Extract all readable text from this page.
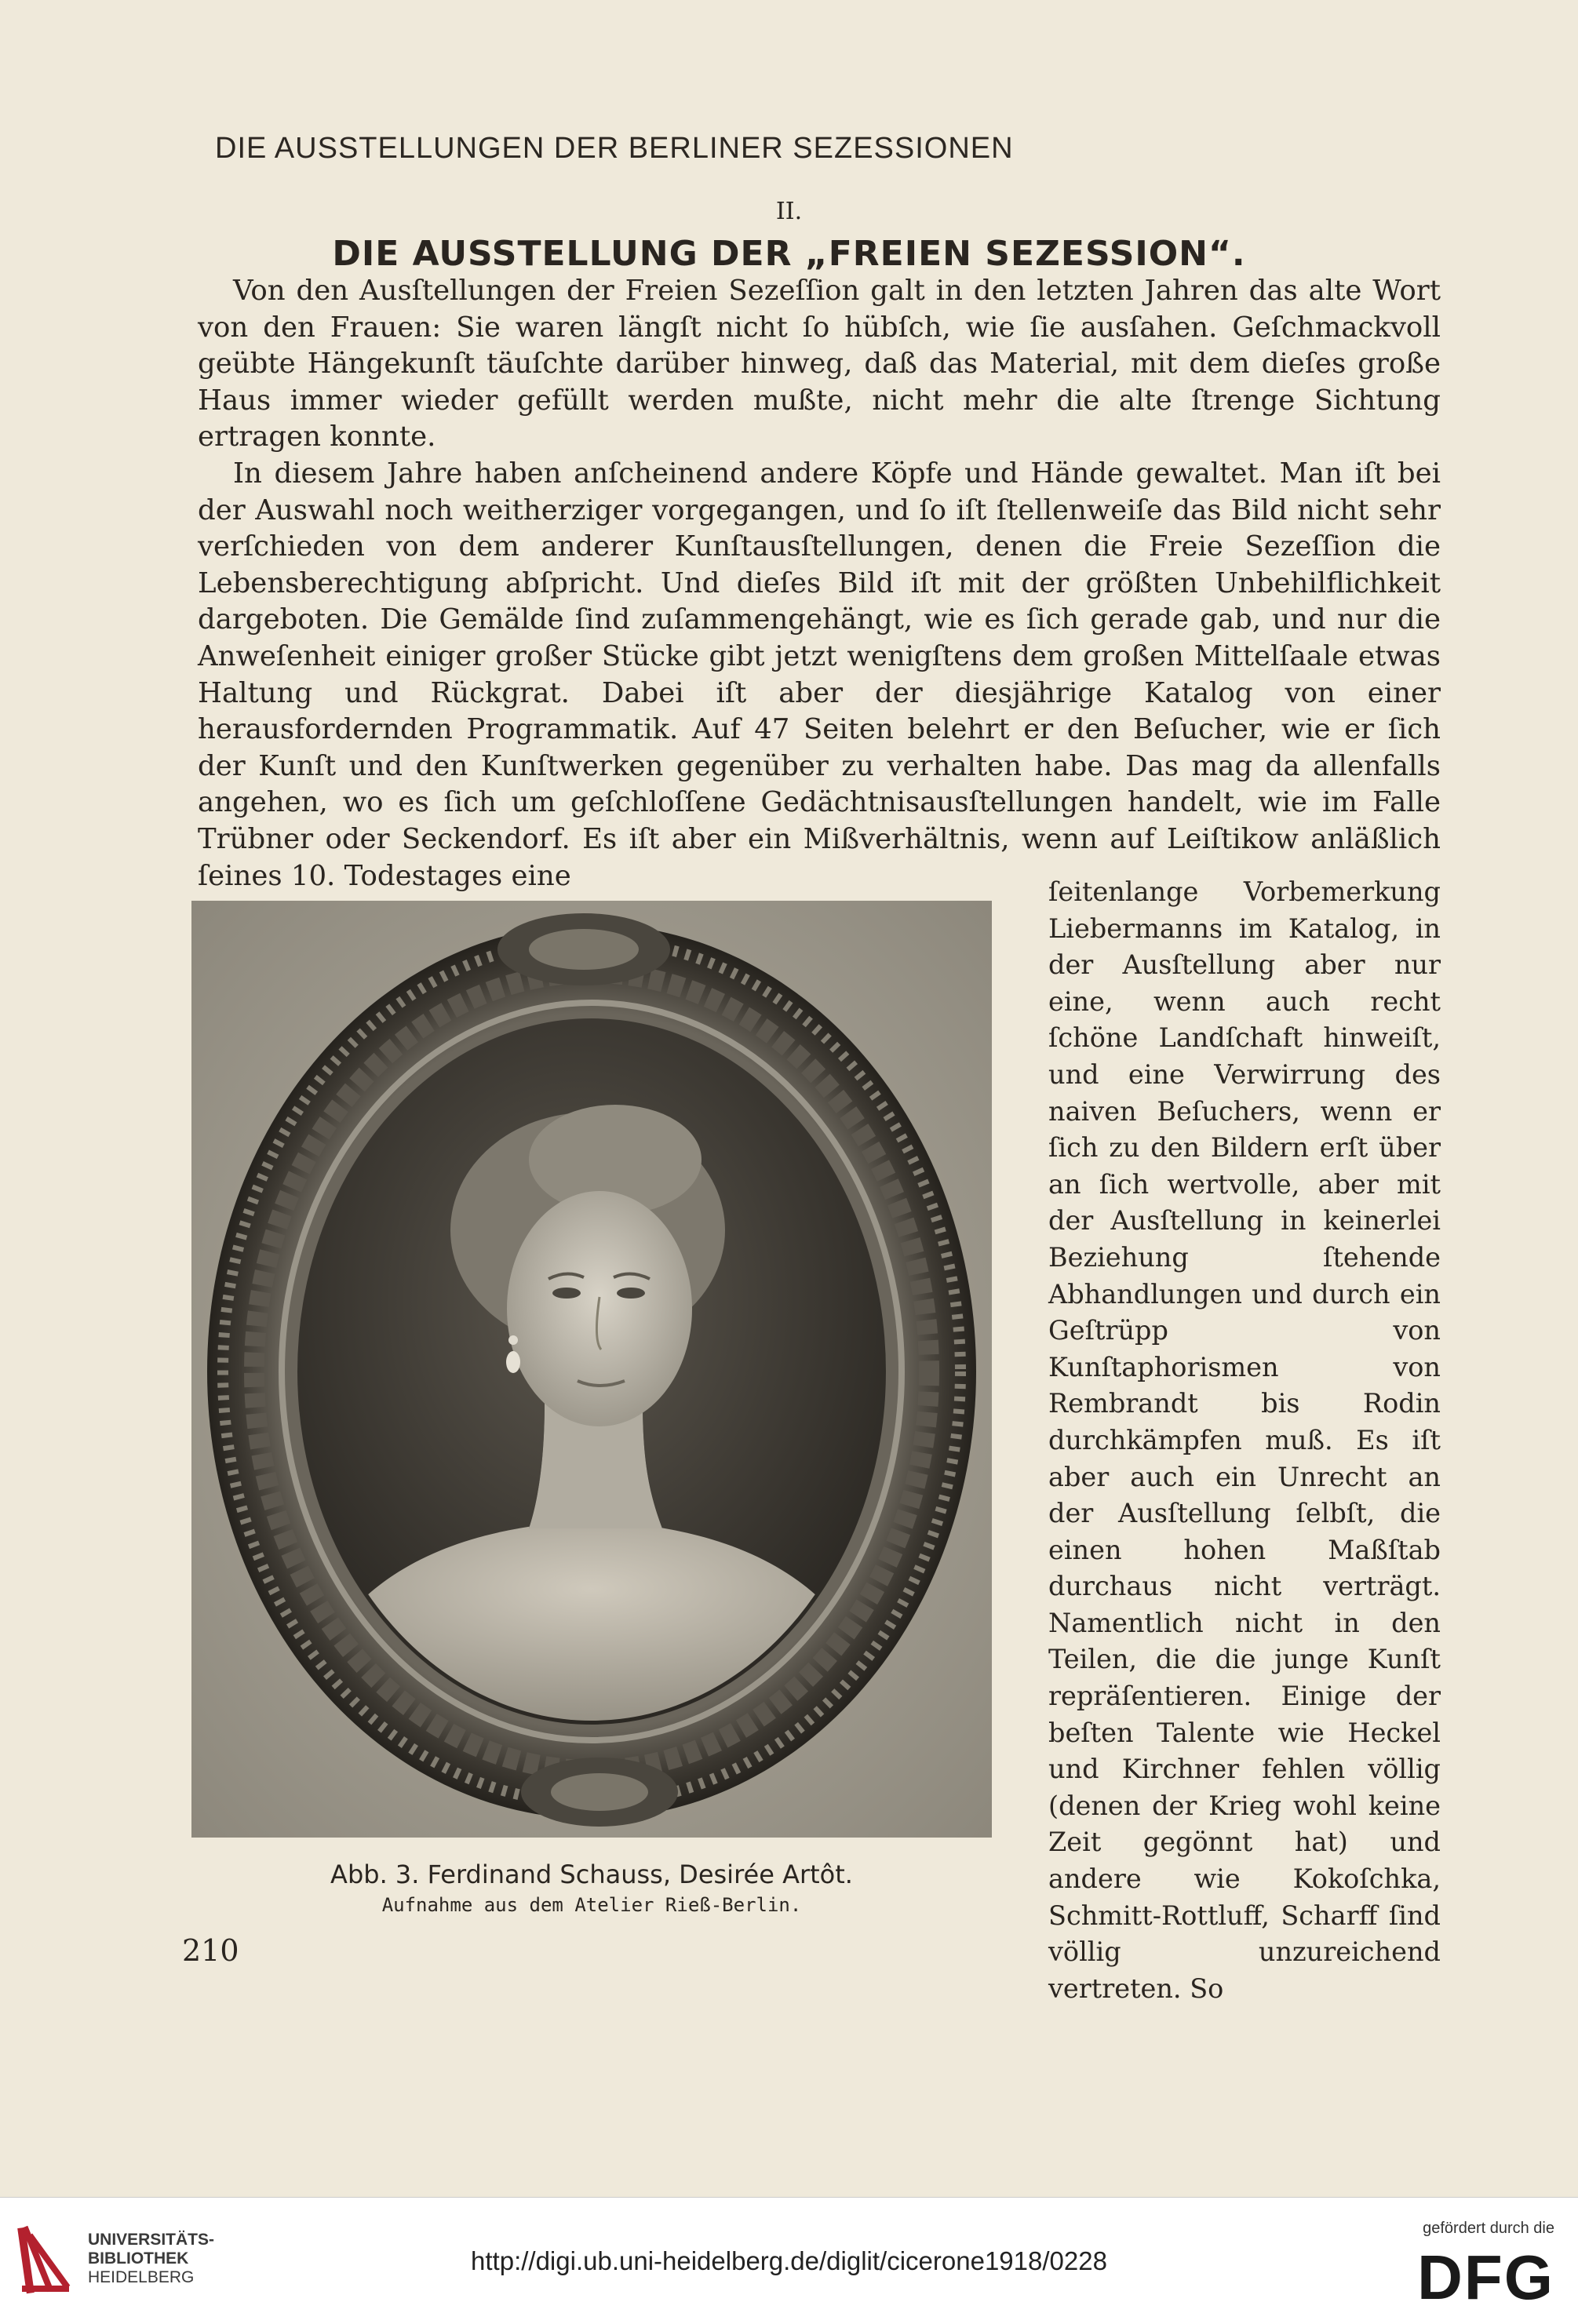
DIE AUSSTELLUNGEN DER BERLINER SEZESSIONEN
II.
DIE AUSSTELLUNG DER „FREIEN SEZESSION“.

Von den Ausſtellungen der Freien Sezeſſion galt in den letzten Jahren das alte Wort von den Frauen: Sie waren längſt nicht ſo hübſch, wie ſie ausſahen. Geſchmackvoll geübte Hängekunſt täuſchte darüber hinweg, daß das Material, mit dem dieſes große Haus immer wieder gefüllt werden mußte, nicht mehr die alte ſtrenge Sichtung ertragen konnte.

In diesem Jahre haben anſcheinend andere Köpfe und Hände gewaltet. Man iſt bei der Auswahl noch weitherziger vorgegangen, und ſo iſt ſtellenweiſe das Bild nicht sehr verſchieden von dem anderer Kunſtausſtellungen, denen die Freie Sezeſſion die Lebensberechtigung abſpricht. Und dieſes Bild iſt mit der größten Unbehilflichkeit dargeboten. Die Gemälde ſind zuſammengehängt, wie es ſich gerade gab, und nur die Anweſenheit einiger großer Stücke gibt jetzt wenigſtens dem großen Mittelſaale etwas Haltung und Rückgrat. Dabei iſt aber der diesjährige Katalog von einer herausfordernden Programmatik. Auf 47 Seiten belehrt er den Beſucher, wie er ſich der Kunſt und den Kunſtwerken gegenüber zu verhalten habe. Das mag da allenfalls angehen, wo es ſich um geſchloſſene Gedächtnisausſtellungen handelt, wie im Falle Trübner oder Seckendorf. Es iſt aber ein Mißverhältnis, wenn auf Leiſtikow anläßlich ſeines 10. Todestages eine	ſeitenlange Vorbemerkung Liebermanns im Katalog, in der Ausſtellung aber nur eine, wenn auch recht ſchöne Landſchaft hinweiſt, und eine Verwirrung des naiven Beſuchers, wenn er ſich zu den Bildern erſt über an ſich wertvolle, aber mit der Ausſtellung in keinerlei Beziehung ſtehende Abhandlungen und durch ein Geſtrüpp von Kunſtaphorismen von Rembrandt bis Rodin durchkämpfen muß. Es iſt aber auch ein Unrecht an der Ausſtellung ſelbſt, die einen hohen Maßſtab durchaus nicht verträgt. Namentlich nicht in den Teilen, die die junge Kunſt repräſentieren. Einige der beſten Talente wie Heckel und Kirchner fehlen völlig (denen der Krieg wohl keine Zeit gegönnt hat) und andere wie Kokoſchka, Schmitt-Rottluff, Scharff ſind völlig unzureichend vertreten. So

Abb. 3. Ferdinand Schauss, Desirée Artôt.
Aufnahme aus dem Atelier Rieß-Berlin.
210
UNIVERSITÄTS-
BIBLIOTHEK
HEIDELBERG
http://digi.ub.uni-heidelberg.de/diglit/cicerone1918/0228
gefördert durch die
DFG
